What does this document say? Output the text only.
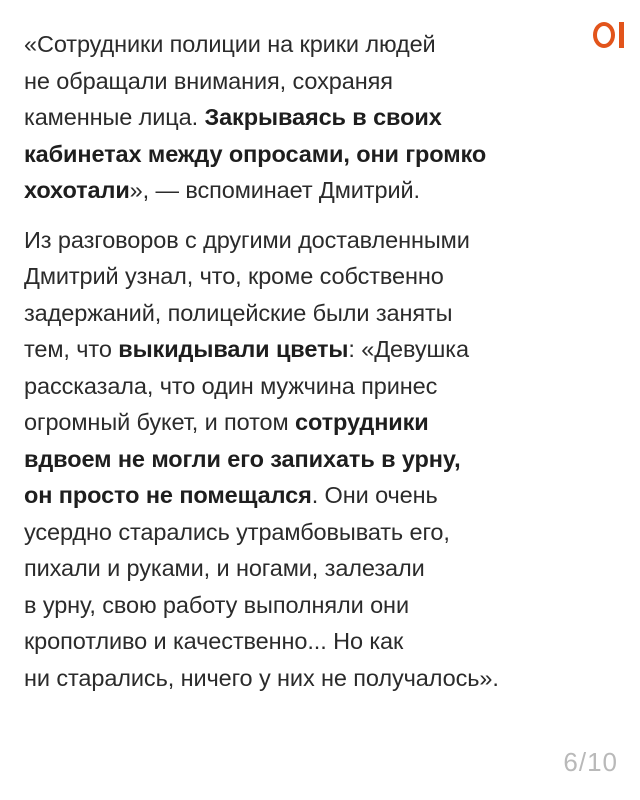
«Сотрудники полиции на крики людей
не обращали внимания, сохраняя
каменные лица. Закрываясь в своих
кабинетах между опросами, они громко
хохотали», — вспоминает Дмитрий.

Из разговоров с другими доставленными
Дмитрий узнал, что, кроме собственно
задержаний, полицейские были заняты
тем, что выкидывали цветы: «Девушка
рассказала, что один мужчина принес
огромный букет, и потом сотрудники
вдвоем не могли его запихать в урну,
он просто не помещался. Они очень
усердно старались утрамбовывать его,
пихали и руками, и ногами, залезали
в урну, свою работу выполняли они
кропотливо и качественно... Но как
ни старались, ничего у них не получалось».

6/10
